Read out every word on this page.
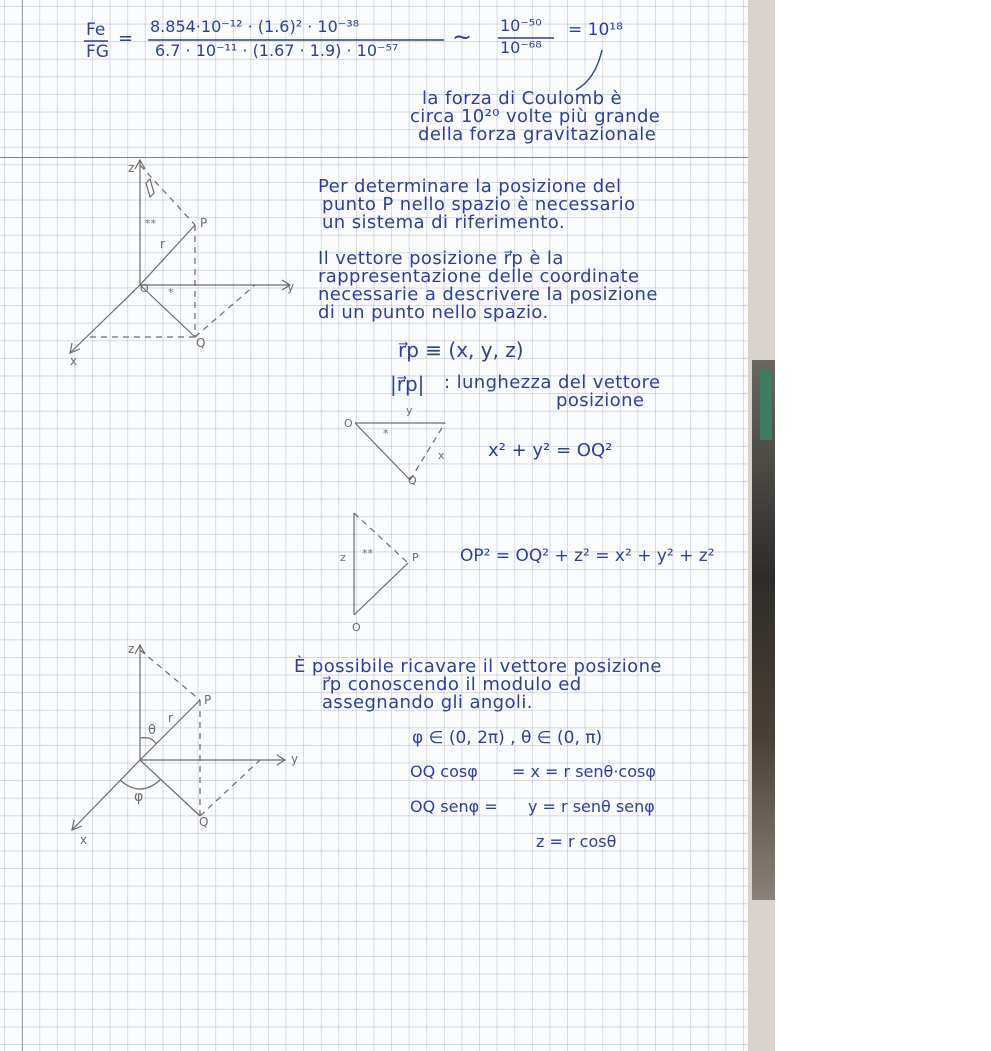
Fe
FG
=
8.854·10⁻¹² · (1.6)² · 10⁻³⁸
6.7 · 10⁻¹¹ · (1.67 · 1.9) · 10⁻⁵⁷ ~ 10⁻⁵⁰
10⁻⁶⁸
= 10¹⁸
la forza di Coulomb è
circa 10²⁰ volte più grande
della forza gravitazionale
z
y
x
O
P
Q
r
**
*
Per determinare la posizione del
punto P nello spazio è necessario
un sistema di riferimento.
Il vettore posizione r⃗p è la
rappresentazione delle coordinate
necessarie a descrivere la posizione
di un punto nello spazio.
r⃗p ≡ (x, y, z)
|r⃗p| : lunghezza del vettore
posizione
O
y
x
Q
*
x² + y² = OQ²
z **	P
O
OP² = OQ² + z² = x² + y² + z²
z
y
x
P
Q
r
θ
φ
È possibile ricavare il vettore posizione
r⃗p conoscendo il modulo ed
assegnando gli angoli.
φ ∈ (0, 2π) , θ ∈ (0, π)
OQ cosφ = x = r senθ·cosφ
OQ senφ = y = r senθ senφ
z = r cosθ
